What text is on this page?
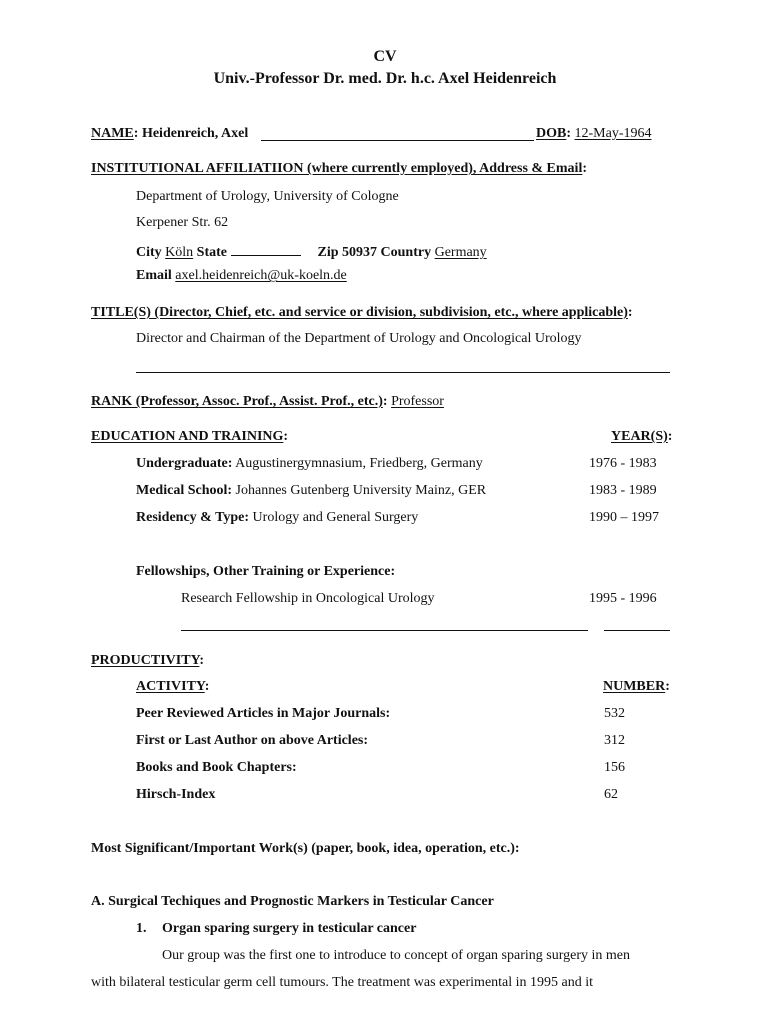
CV
Univ.-Professor Dr. med. Dr. h.c. Axel Heidenreich
NAME: Heidenreich, Axel	DOB: 12-May-1964
INSTITUTIONAL AFFILIATIION (where currently employed), Address & Email:
Department of Urology, University of Cologne
Kerpener Str. 62
City Köln State	Zip 50937 Country Germany
Email axel.heidenreich@uk-koeln.de
TITLE(S) (Director, Chief, etc. and service or division, subdivision, etc., where applicable):
Director and Chairman of the Department of Urology and Oncological Urology
RANK (Professor, Assoc. Prof., Assist. Prof., etc.): Professor
EDUCATION AND TRAINING:	YEAR(S):
Undergraduate: Augustinergymnasium, Friedberg, Germany	1976 - 1983
Medical School: Johannes Gutenberg University Mainz, GER	1983 - 1989
Residency & Type: Urology and General Surgery	1990 – 1997
Fellowships, Other Training or Experience:
Research Fellowship in Oncological Urology	1995 - 1996
PRODUCTIVITY:
ACTIVITY:	NUMBER:
Peer Reviewed Articles in Major Journals:	532
First or Last Author on above Articles:	312
Books and Book Chapters:	156
Hirsch-Index	62
Most Significant/Important Work(s) (paper, book, idea, operation, etc.):
A. Surgical Techiques and Prognostic Markers in Testicular Cancer
1. Organ sparing surgery in testicular cancer
Our group was the first one to introduce to concept of organ sparing surgery in men
with bilateral testicular germ cell tumours. The treatment was experimental in 1995 and it
